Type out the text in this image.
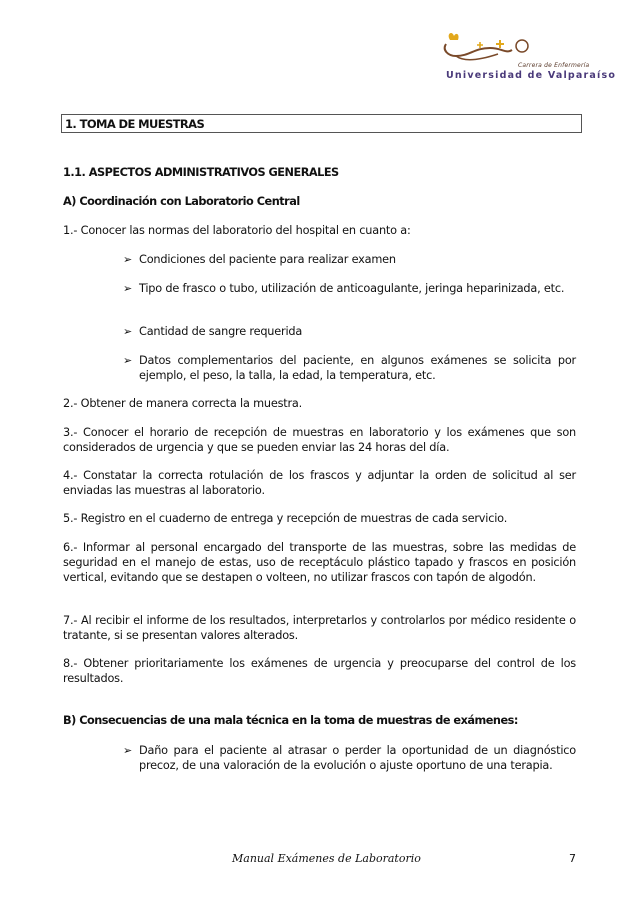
Carrera de Enfermería
Universidad de Valparaíso
1. TOMA DE MUESTRAS
1.1. ASPECTOS ADMINISTRATIVOS GENERALES
A) Coordinación con Laboratorio Central

1.- Conocer las normas del laboratorio del hospital en cuanto a:

➢ Condiciones del paciente para realizar examen
➢ Tipo de frasco o tubo, utilización de anticoagulante, jeringa heparinizada, etc.
➢ Cantidad de sangre requerida
➢ Datos complementarios del paciente, en algunos exámenes se solicita por ejemplo, el peso, la talla, la edad, la temperatura, etc.

2.- Obtener de manera correcta la muestra.

3.- Conocer el horario de recepción de muestras en laboratorio y los exámenes que son considerados de urgencia y que se pueden enviar las 24 horas del día.

4.- Constatar la correcta rotulación de los frascos y adjuntar la orden de solicitud al ser enviadas las muestras al laboratorio.

5.- Registro en el cuaderno de entrega y recepción de muestras de cada servicio.

6.- Informar al personal encargado del transporte de las muestras, sobre las medidas de seguridad en el manejo de estas, uso de receptáculo plástico tapado y frascos en posición vertical, evitando que se destapen o volteen, no utilizar frascos con tapón de algodón.

7.- Al recibir el informe de los resultados, interpretarlos y controlarlos por médico residente o tratante, si se presentan valores alterados.

8.- Obtener prioritariamente los exámenes de urgencia y preocuparse del control de los resultados.

B) Consecuencias de una mala técnica en la toma de muestras de exámenes:
➢ Daño para el paciente al atrasar o perder la oportunidad de un diagnóstico precoz, de una valoración de la evolución o ajuste oportuno de una terapia.
Manual Exámenes de Laboratorio	7
